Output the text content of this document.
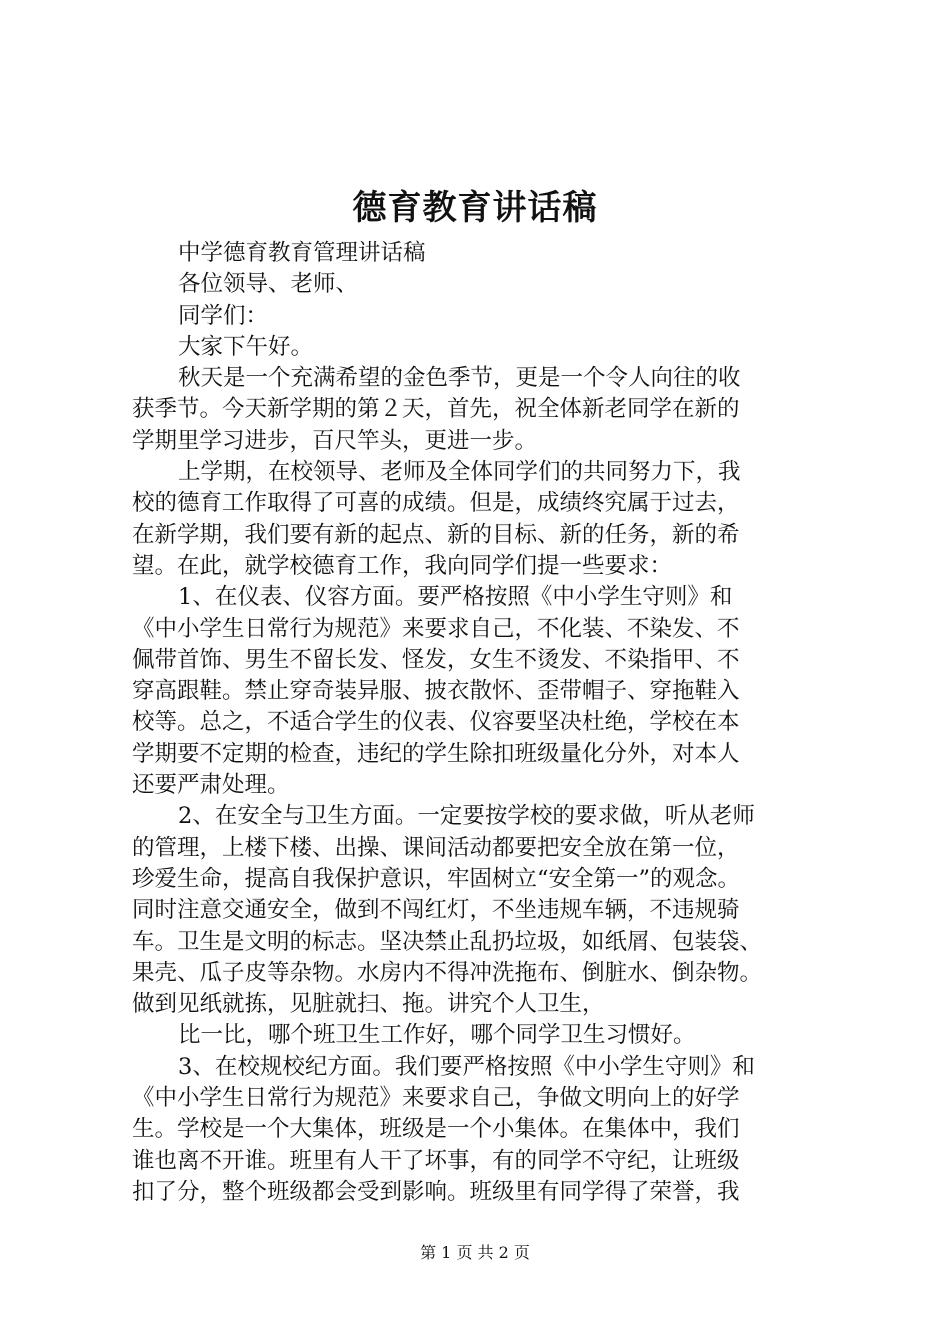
德育教育讲话稿
中学德育教育管理讲话稿
各位领导、老师、
同学们：
大家下午好。
秋天是一个充满希望的金色季节，更是一个令人向往的收
获季节。今天新学期的第２天，首先，祝全体新老同学在新的
学期里学习进步，百尺竿头，更进一步。
上学期，在校领导、老师及全体同学们的共同努力下，我
校的德育工作取得了可喜的成绩。但是，成绩终究属于过去，
在新学期，我们要有新的起点、新的目标、新的任务，新的希
望。在此，就学校德育工作，我向同学们提一些要求：
1、在仪表、仪容方面。要严格按照《中小学生守则》和
《中小学生日常行为规范》来要求自己，不化装、不染发、不
佩带首饰、男生不留长发、怪发，女生不烫发、不染指甲、不
穿高跟鞋。禁止穿奇装异服、披衣散怀、歪带帽子、穿拖鞋入
校等。总之，不适合学生的仪表、仪容要坚决杜绝，学校在本
学期要不定期的检查，违纪的学生除扣班级量化分外，对本人
还要严肃处理。
2、在安全与卫生方面。一定要按学校的要求做，听从老师
的管理，上楼下楼、出操、课间活动都要把安全放在第一位，
珍爱生命，提高自我保护意识，牢固树立“安全第一”的观念。
同时注意交通安全，做到不闯红灯，不坐违规车辆，不违规骑
车。卫生是文明的标志。坚决禁止乱扔垃圾，如纸屑、包装袋、
果壳、瓜子皮等杂物。水房内不得冲洗拖布、倒脏水、倒杂物。
做到见纸就拣，见脏就扫、拖。讲究个人卫生，
比一比，哪个班卫生工作好，哪个同学卫生习惯好。
3、在校规校纪方面。我们要严格按照《中小学生守则》和
《中小学生日常行为规范》来要求自己，争做文明向上的好学
生。学校是一个大集体，班级是一个小集体。在集体中，我们
谁也离不开谁。班里有人干了坏事，有的同学不守纪，让班级
扣了分，整个班级都会受到影响。班级里有同学得了荣誉，我
第 1 页 共 2 页
